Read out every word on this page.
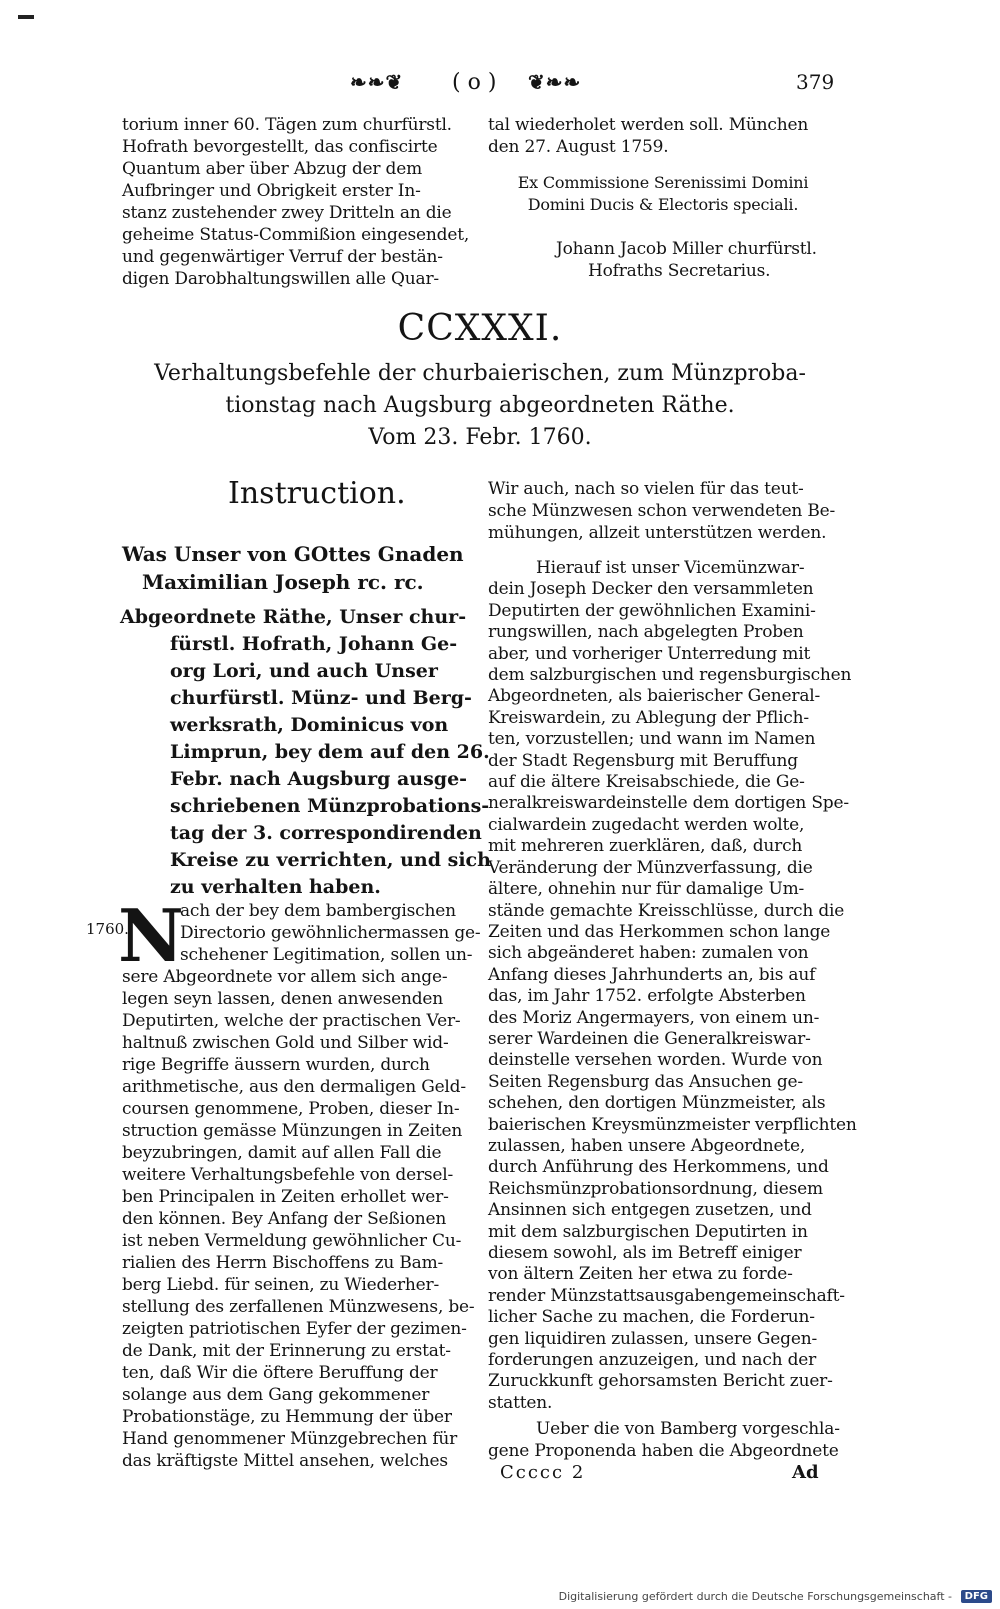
❧❧❦ ( o ) ❦❧❧	379
torium inner 60. Tägen zum churfürstl.
Hofrath bevorgestellt, das confiscirte
Quantum aber über Abzug der dem
Aufbringer und Obrigkeit erster In-
stanz zustehender zwey Dritteln an die
geheime Status-Commißion eingesendet,
und gegenwärtiger Verruf der bestän-
digen Darobhaltungswillen alle Quar-
tal wiederholet werden soll. München
den 27. August 1759.
Ex Commissione Serenissimi Domini
Domini Ducis & Electoris speciali.
Johann Jacob Miller churfürstl.
Hofraths Secretarius.
CCXXXI.
Verhaltungsbefehle der churbaierischen, zum Münzproba-
tionstag nach Augsburg abgeordneten Räthe.
Vom 23. Febr. 1760.
Instruction.
Was Unser von GOttes Gnaden
Maximilian Joseph rc. rc.
Abgeordnete Räthe, Unser chur-
fürstl. Hofrath, Johann Ge-
org Lori, und auch Unser
churfürstl. Münz- und Berg-
werksrath, Dominicus von
Limprun, bey dem auf den 26.
Febr. nach Augsburg ausge-
schriebenen Münzprobations-
tag der 3. correspondirenden
Kreise zu verrichten, und sich
zu verhalten haben.
1760.
N
ach der bey dem bambergischen
Directorio gewöhnlichermassen ge-
schehener Legitimation, sollen un-
sere Abgeordnete vor allem sich ange-
legen seyn lassen, denen anwesenden
Deputirten, welche der practischen Ver-
haltnuß zwischen Gold und Silber wid-
rige Begriffe äussern wurden, durch
arithmetische, aus den dermaligen Geld-
coursen genommene, Proben, dieser In-
struction gemässe Münzungen in Zeiten
beyzubringen, damit auf allen Fall die
weitere Verhaltungsbefehle von dersel-
ben Principalen in Zeiten erhollet wer-
den können. Bey Anfang der Seßionen
ist neben Vermeldung gewöhnlicher Cu-
rialien des Herrn Bischoffens zu Bam-
berg Liebd. für seinen, zu Wiederher-
stellung des zerfallenen Münzwesens, be-
zeigten patriotischen Eyfer der gezimen-
de Dank, mit der Erinnerung zu erstat-
ten, daß Wir die öftere Beruffung der
solange aus dem Gang gekommener
Probationstäge, zu Hemmung der über
Hand genommener Münzgebrechen für
das kräftigste Mittel ansehen, welches
Wir auch, nach so vielen für das teut-
sche Münzwesen schon verwendeten Be-
mühungen, allzeit unterstützen werden.
Hierauf ist unser Vicemünzwar-
dein Joseph Decker den versammleten
Deputirten der gewöhnlichen Examini-
rungswillen, nach abgelegten Proben
aber, und vorheriger Unterredung mit
dem salzburgischen und regensburgischen
Abgeordneten, als baierischer General-
Kreiswardein, zu Ablegung der Pflich-
ten, vorzustellen; und wann im Namen
der Stadt Regensburg mit Beruffung
auf die ältere Kreisabschiede, die Ge-
neralkreiswardeinstelle dem dortigen Spe-
cialwardein zugedacht werden wolte,
mit mehreren zuerklären, daß, durch
Veränderung der Münzverfassung, die
ältere, ohnehin nur für damalige Um-
stände gemachte Kreisschlüsse, durch die
Zeiten und das Herkommen schon lange
sich abgeänderet haben: zumalen von
Anfang dieses Jahrhunderts an, bis auf
das, im Jahr 1752. erfolgte Absterben
des Moriz Angermayers, von einem un-
serer Wardeinen die Generalkreiswar-
deinstelle versehen worden. Wurde von
Seiten Regensburg das Ansuchen ge-
schehen, den dortigen Münzmeister, als
baierischen Kreysmünzmeister verpflichten
zulassen, haben unsere Abgeordnete,
durch Anführung des Herkommens, und
Reichsmünzprobationsordnung, diesem
Ansinnen sich entgegen zusetzen, und
mit dem salzburgischen Deputirten in
diesem sowohl, als im Betreff einiger
von ältern Zeiten her etwa zu forde-
render Münzstattsausgabengemeinschaft-
licher Sache zu machen, die Forderun-
gen liquidiren zulassen, unsere Gegen-
forderungen anzuzeigen, und nach der
Zuruckkunft gehorsamsten Bericht zuer-
statten.
Ueber die von Bamberg vorgeschla-
gene Proponenda haben die Abgeordnete
Ccccc 2	Ad
Digitalisierung gefördert durch die Deutsche Forschungsgemeinschaft -	DFG
